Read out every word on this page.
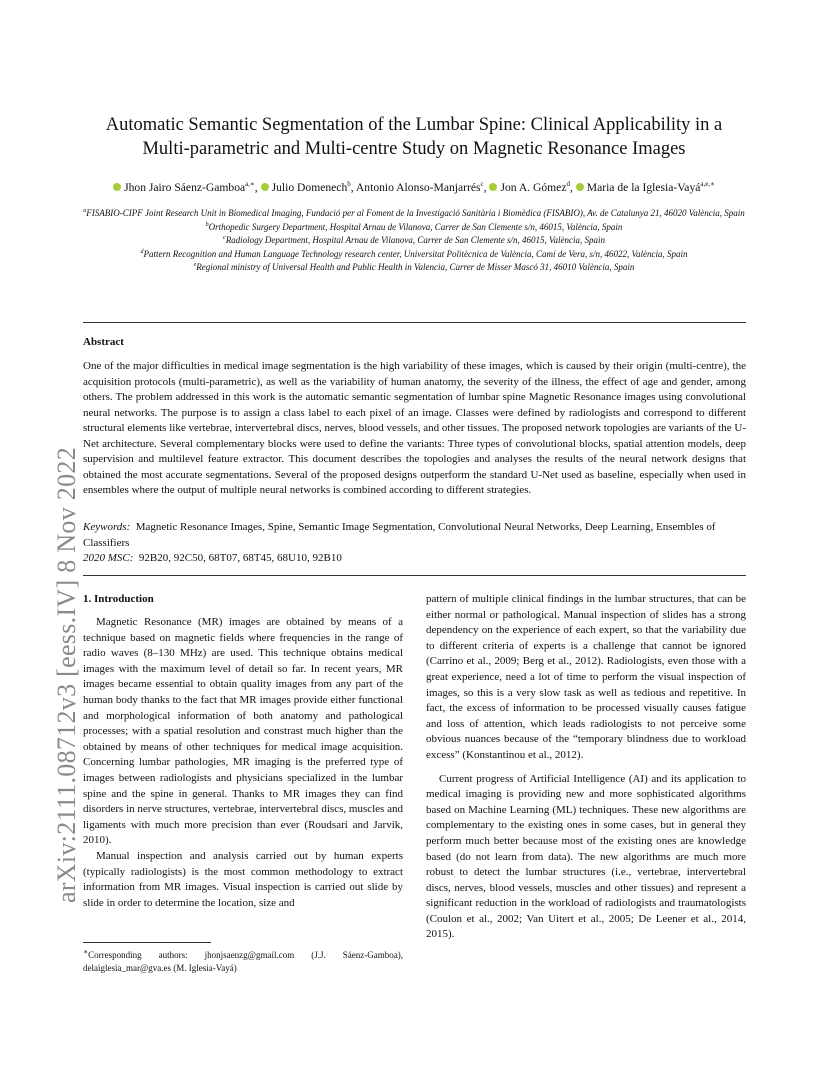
arXiv:2111.08712v3 [eess.IV] 8 Nov 2022
Automatic Semantic Segmentation of the Lumbar Spine: Clinical Applicability in a
Multi-parametric and Multi-centre Study on Magnetic Resonance Images
Jhon Jairo Sáenz-Gamboa$^{a,∗}$, Julio Domenech$^b$, Antonio Alonso-Manjarrés$^c$, Jon A. Gómez$^d$, Maria de la Iglesia-Vayá$^{a,e,∗}$
$^a$FISABIO-CIPF Joint Research Unit in Biomedical Imaging, Fundació per al Foment de la Investigació Sanitària i Biomèdica (FISABIO), Av. de Catalunya 21, 46020 València, Spain
$^b$Orthopedic Surgery Department, Hospital Arnau de Vilanova, Carrer de San Clemente s/n, 46015, València, Spain
$^c$Radiology Department, Hospital Arnau de Vilanova, Carrer de San Clemente s/n, 46015, València, Spain
$^d$Pattern Recognition and Human Language Technology research center, Universitat Politècnica de València, Camí de Vera, s/n, 46022, València, Spain
$^e$Regional ministry of Universal Health and Public Health in Valencia, Carrer de Misser Mascó 31, 46010 València, Spain
Abstract

One of the major difficulties in medical image segmentation is the high variability of these images, which is caused by their origin (multi-centre), the acquisition protocols (multi-parametric), as well as the variability of human anatomy, the severity of the illness, the effect of age and gender, among others. The problem addressed in this work is the automatic semantic segmentation of lumbar spine Magnetic Resonance images using convolutional neural networks. The purpose is to assign a class label to each pixel of an image. Classes were defined by radiologists and correspond to different structural elements like vertebrae, intervertebral discs, nerves, blood vessels, and other tissues. The proposed network topologies are variants of the U-Net architecture. Several complementary blocks were used to define the variants: Three types of convolutional blocks, spatial attention models, deep supervision and multilevel feature extractor. This document describes the topologies and analyses the results of the neural network designs that obtained the most accurate segmentations. Several of the proposed designs outperform the standard U-Net used as baseline, especially when used in ensembles where the output of multiple neural networks is combined according to different strategies.

Keywords: Magnetic Resonance Images, Spine, Semantic Image Segmentation, Convolutional Neural Networks, Deep Learning, Ensembles of Classifiers
2020 MSC: 92B20, 92C50, 68T07, 68T45, 68U10, 92B10
1. Introduction

Magnetic Resonance (MR) images are obtained by means of a technique based on magnetic fields where frequencies in the range of radio waves (8–130 MHz) are used. This technique obtains medical images with the maximum level of detail so far. In recent years, MR images became essential to obtain quality images from any part of the human body thanks to the fact that MR images provide either functional and morphological information of both anatomy and pathological processes; with a spatial resolution and constrast much higher than the obtained by means of other techniques for medical image acquisition. Concerning lumbar pathologies, MR imaging is the preferred type of images between radiologists and physicians specialized in the lumbar spine and the spine in general. Thanks to MR images they can find disorders in nerve structures, vertebrae, intervertebral discs, muscles and ligaments with much more precision than ever (Roudsari and Jarvik, 2010).

Manual inspection and analysis carried out by human experts (typically radiologists) is the most common methodology to extract information from MR images. Visual inspection is carried out slide by slide in order to determine the location, size and

pattern of multiple clinical findings in the lumbar structures, that can be either normal or pathological. Manual inspection of slides has a strong dependency on the experience of each expert, so that the variability due to different criteria of experts is a challenge that cannot be ignored (Carrino et al., 2009; Berg et al., 2012). Radiologists, even those with a great experience, need a lot of time to perform the visual inspection of images, so this is a very slow task as well as tedious and repetitive. In fact, the excess of information to be processed visually causes fatigue and loss of attention, which leads radiologists to not perceive some obvious nuances because of the “temporary blindness due to workload excess” (Konstantinou et al., 2012).

Current progress of Artificial Intelligence (AI) and its application to medical imaging is providing new and more sophisticated algorithms based on Machine Learning (ML) techniques. These new algorithms are complementary to the existing ones in some cases, but in general they perform much better because most of the existing ones are knowledge based (do not learn from data). The new algorithms are much more robust to detect the lumbar structures (i.e., vertebrae, intervertebral discs, nerves, blood vessels, muscles and other tissues) and represent a significant reduction in the workload of radiologists and traumatologists (Coulon et al., 2002; Van Uitert et al., 2005; De Leener et al., 2014, 2015).

∗Corresponding authors: jhonjsaenzg@gmail.com (J.J. Sáenz-Gamboa), delaiglesia_mar@gva.es (M. Iglesia-Vayá)
